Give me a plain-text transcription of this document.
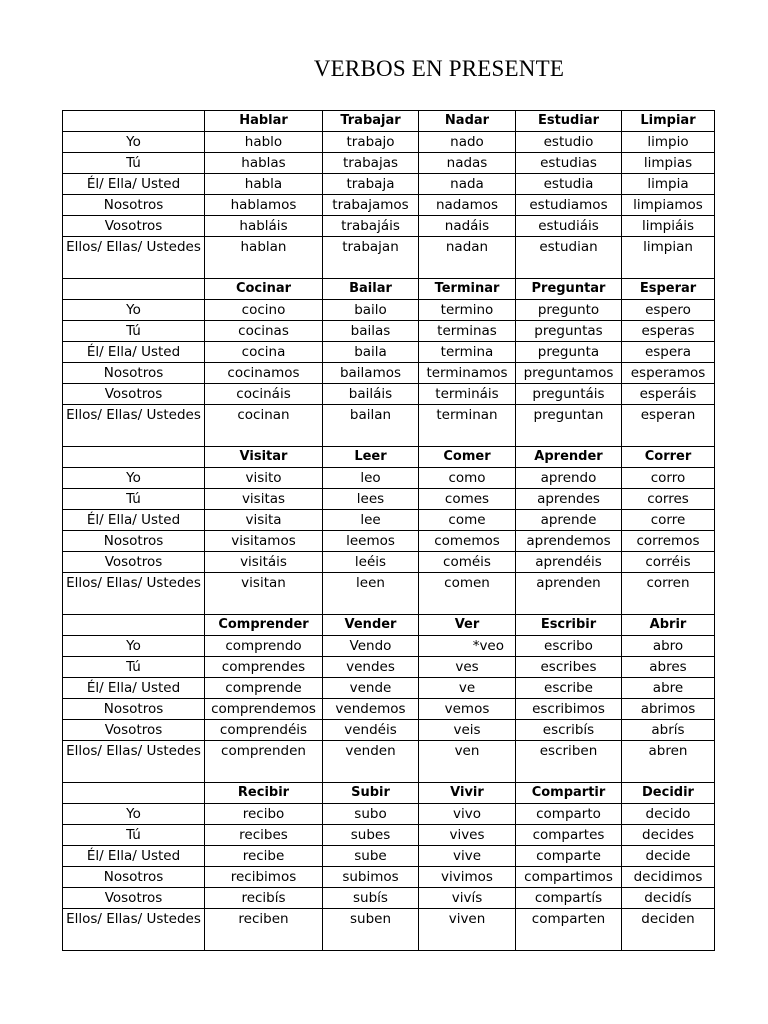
VERBOS EN PRESENTE
	Hablar	Trabajar	Nadar	Estudiar	Limpiar
Yo	hablo	trabajo	nado	estudio	limpio
Tú	hablas	trabajas	nadas	estudias	limpias
Él/ Ella/ Usted	habla	trabaja	nada	estudia	limpia
Nosotros	hablamos	trabajamos	nadamos	estudiamos	limpiamos
Vosotros	habláis	trabajáis	nadáis	estudiáis	limpiáis
Ellos/ Ellas/ Ustedes	hablan	trabajan	nadan	estudian	limpian
	Cocinar	Bailar	Terminar	Preguntar	Esperar
Yo	cocino	bailo	termino	pregunto	espero
Tú	cocinas	bailas	terminas	preguntas	esperas
Él/ Ella/ Usted	cocina	baila	termina	pregunta	espera
Nosotros	cocinamos	bailamos	terminamos	preguntamos	esperamos
Vosotros	cocináis	bailáis	termináis	preguntáis	esperáis
Ellos/ Ellas/ Ustedes	cocinan	bailan	terminan	preguntan	esperan
	Visitar	Leer	Comer	Aprender	Correr
Yo	visito	leo	como	aprendo	corro
Tú	visitas	lees	comes	aprendes	corres
Él/ Ella/ Usted	visita	lee	come	aprende	corre
Nosotros	visitamos	leemos	comemos	aprendemos	corremos
Vosotros	visitáis	leéis	coméis	aprendéis	corréis
Ellos/ Ellas/ Ustedes	visitan	leen	comen	aprenden	corren
	Comprender	Vender	Ver	Escribir	Abrir
Yo	comprendo	Vendo	*veo	escribo	abro
Tú	comprendes	vendes	ves	escribes	abres
Él/ Ella/ Usted	comprende	vende	ve	escribe	abre
Nosotros	comprendemos	vendemos	vemos	escribimos	abrimos
Vosotros	comprendéis	vendéis	veis	escribís	abrís
Ellos/ Ellas/ Ustedes	comprenden	venden	ven	escriben	abren
	Recibir	Subir	Vivir	Compartir	Decidir
Yo	recibo	subo	vivo	comparto	decido
Tú	recibes	subes	vives	compartes	decides
Él/ Ella/ Usted	recibe	sube	vive	comparte	decide
Nosotros	recibimos	subimos	vivimos	compartimos	decidimos
Vosotros	recibís	subís	vivís	compartís	decidís
Ellos/ Ellas/ Ustedes	reciben	suben	viven	comparten	deciden
